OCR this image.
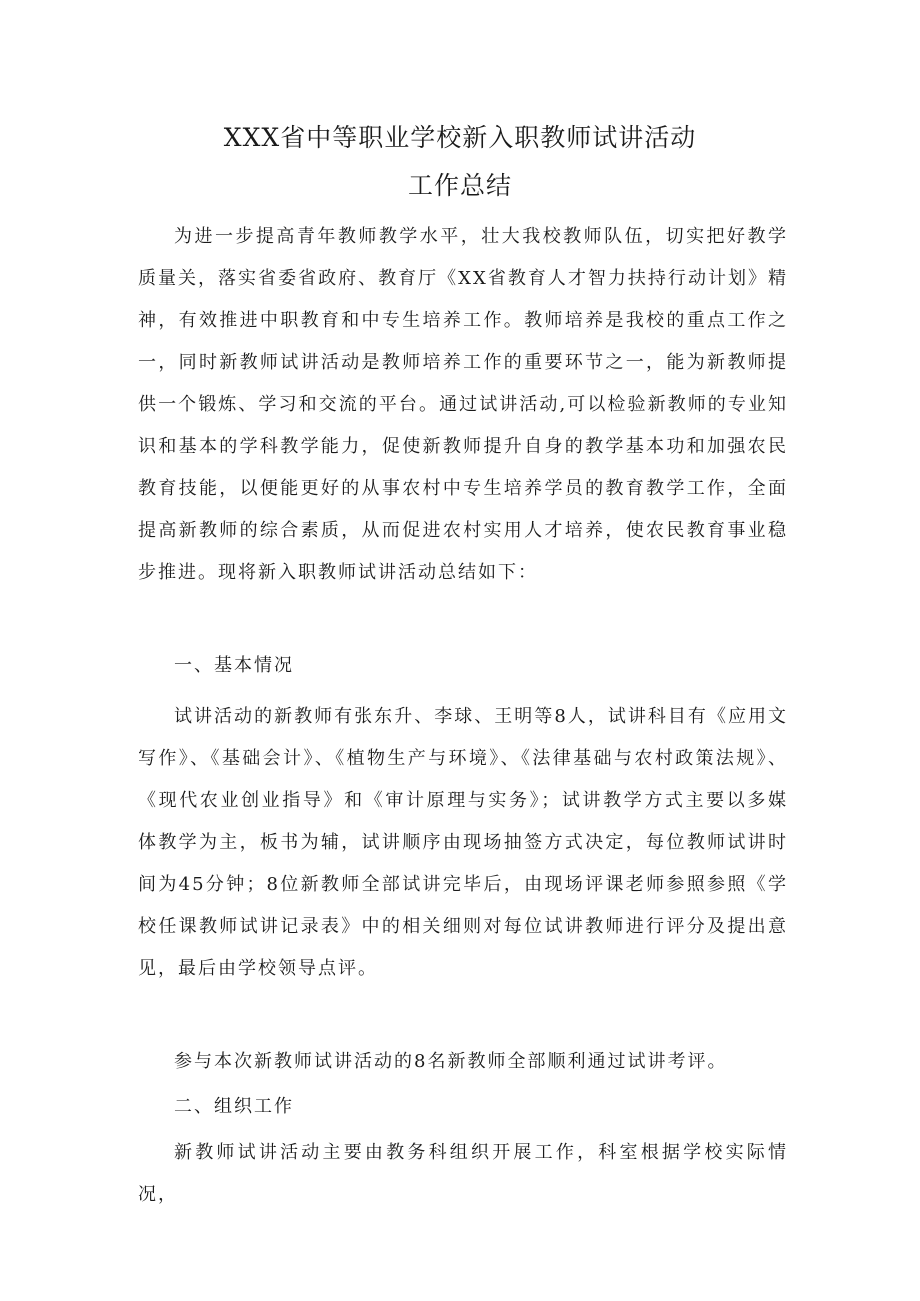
XXX省中等职业学校新入职教师试讲活动
工作总结

为进一步提高青年教师教学水平，壮大我校教师队伍，切实把好教学质量关，落实省委省政府、教育厅《XX省教育人才智力扶持行动计划》精神，有效推进中职教育和中专生培养工作。教师培养是我校的重点工作之一，同时新教师试讲活动是教师培养工作的重要环节之一，能为新教师提供一个锻炼、学习和交流的平台。通过试讲活动,可以检验新教师的专业知识和基本的学科教学能力，促使新教师提升自身的教学基本功和加强农民教育技能，以便能更好的从事农村中专生培养学员的教育教学工作，全面提高新教师的综合素质，从而促进农村实用人才培养，使农民教育事业稳步推进。现将新入职教师试讲活动总结如下：

一、基本情况

试讲活动的新教师有张东升、李球、王明等8人，试讲科目有《应用文写作》、《基础会计》、《植物生产与环境》、《法律基础与农村政策法规》、《现代农业创业指导》和《审计原理与实务》；试讲教学方式主要以多媒体教学为主，板书为辅，试讲顺序由现场抽签方式决定，每位教师试讲时间为45分钟；8位新教师全部试讲完毕后，由现场评课老师参照参照《学校任课教师试讲记录表》中的相关细则对每位试讲教师进行评分及提出意见，最后由学校领导点评。

参与本次新教师试讲活动的8名新教师全部顺利通过试讲考评。

二、组织工作

新教师试讲活动主要由教务科组织开展工作，科室根据学校实际情况，
